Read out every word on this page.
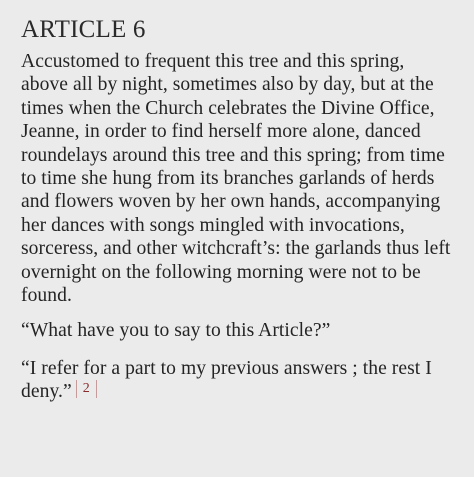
ARTICLE 6

Accustomed to frequent this tree and this spring, above all by night, sometimes also by day, but at the times when the Church celebrates the Divine Office, Jeanne, in order to find herself more alone, danced roundelays around this tree and this spring; from time to time she hung from its branches garlands of herds and flowers woven by her own hands, accompanying her dances with songs mingled with invocations, sorceress, and other witchcraft’s: the garlands thus left overnight on the following morning were not to be found.

“What have you to say to this Article?”

“I refer for a part to my previous answers ; the rest I deny.” 2
